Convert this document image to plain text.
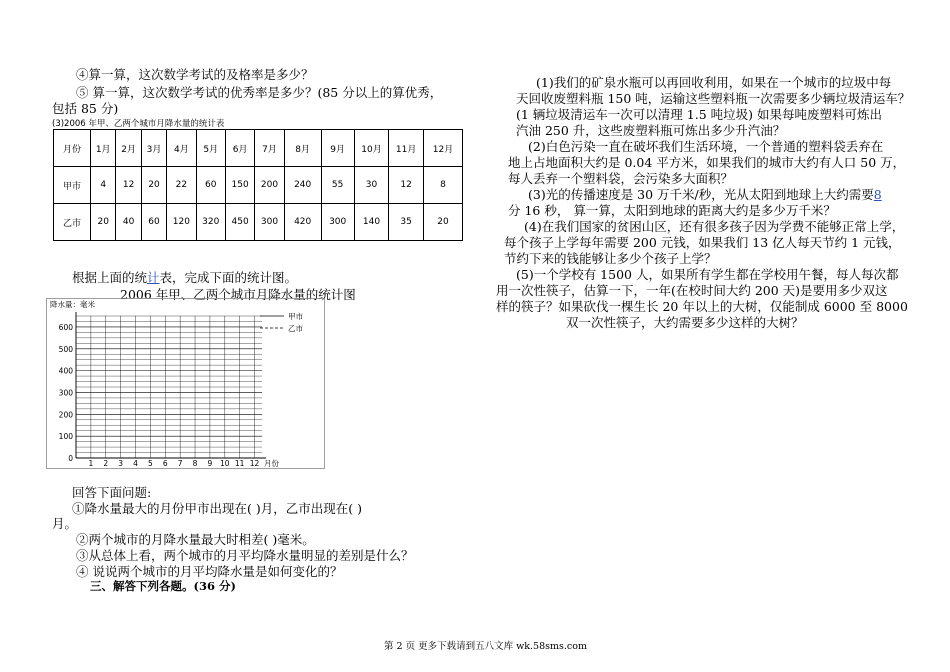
④算一算，这次数学考试的及格率是多少？
⑤ 算一算，这次数学考试的优秀率是多少？(85 分以上的算优秀，
包括 85 分)
(3)2006 年甲、乙两个城市月降水量的统计表
月份	1月	2月	3月	4月	5月	6月	7月	8月	9月	10月	11月	12月
甲市	4	12	20	22	60	150	200	240	55	30	12	8
乙市	20	40	60	120	320	450	300	420	300	140	35	20
根据上面的统计表，完成下面的统计图。
2006 年甲、乙两个城市月降水量的统计图
0
100
200
300
400
500
600
1 2 3 4 5 6 7 8 9 10 11 12 月份
降水量：毫米
甲市
乙市
回答下面问题:
①降水量最大的月份甲市出现在( )月，乙市出现在( )
月。
②两个城市的月降水量最大时相差( )毫米。
③从总体上看，两个城市的月平均降水量明显的差别是什么？
④ 说说两个城市的月平均降水量是如何变化的？
三、解答下列各题。(36 分)
(1)我们的矿泉水瓶可以再回收利用，如果在一个城市的垃圾中每
天回收废塑料瓶 150 吨，运输这些塑料瓶一次需要多少辆垃圾清运车？
(1 辆垃圾清运车一次可以清理 1.5 吨垃圾) 如果每吨废塑料可炼出
汽油 250 升，这些废塑料瓶可炼出多少升汽油？
(2)白色污染一直在破坏我们生活环境，一个普通的塑料袋丢弃在
地上占地面积大约是 0.04 平方米，如果我们的城市大约有人口 50 万，
每人丢弃一个塑料袋，会污染多大面积？
(3)光的传播速度是 30 万千米/秒，光从太阳到地球上大约需要8
分 16 秒， 算一算，太阳到地球的距离大约是多少万千米？
(4)在我们国家的贫困山区，还有很多孩子因为学费不能够正常上学，
每个孩子上学每年需要 200 元钱，如果我们 13 亿人每天节约 1 元钱，
节约下来的钱能够让多少个孩子上学？
(5)一个学校有 1500 人，如果所有学生都在学校用午餐，每人每次都
用一次性筷子，估算一下，一年(在校时间大约 200 天)是要用多少双这
样的筷子？如果砍伐一棵生长 20 年以上的大树，仅能制成 6000 至 8000
双一次性筷子，大约需要多少这样的大树？
第 2 页 更多下载请到五八文库 wk.58sms.com
